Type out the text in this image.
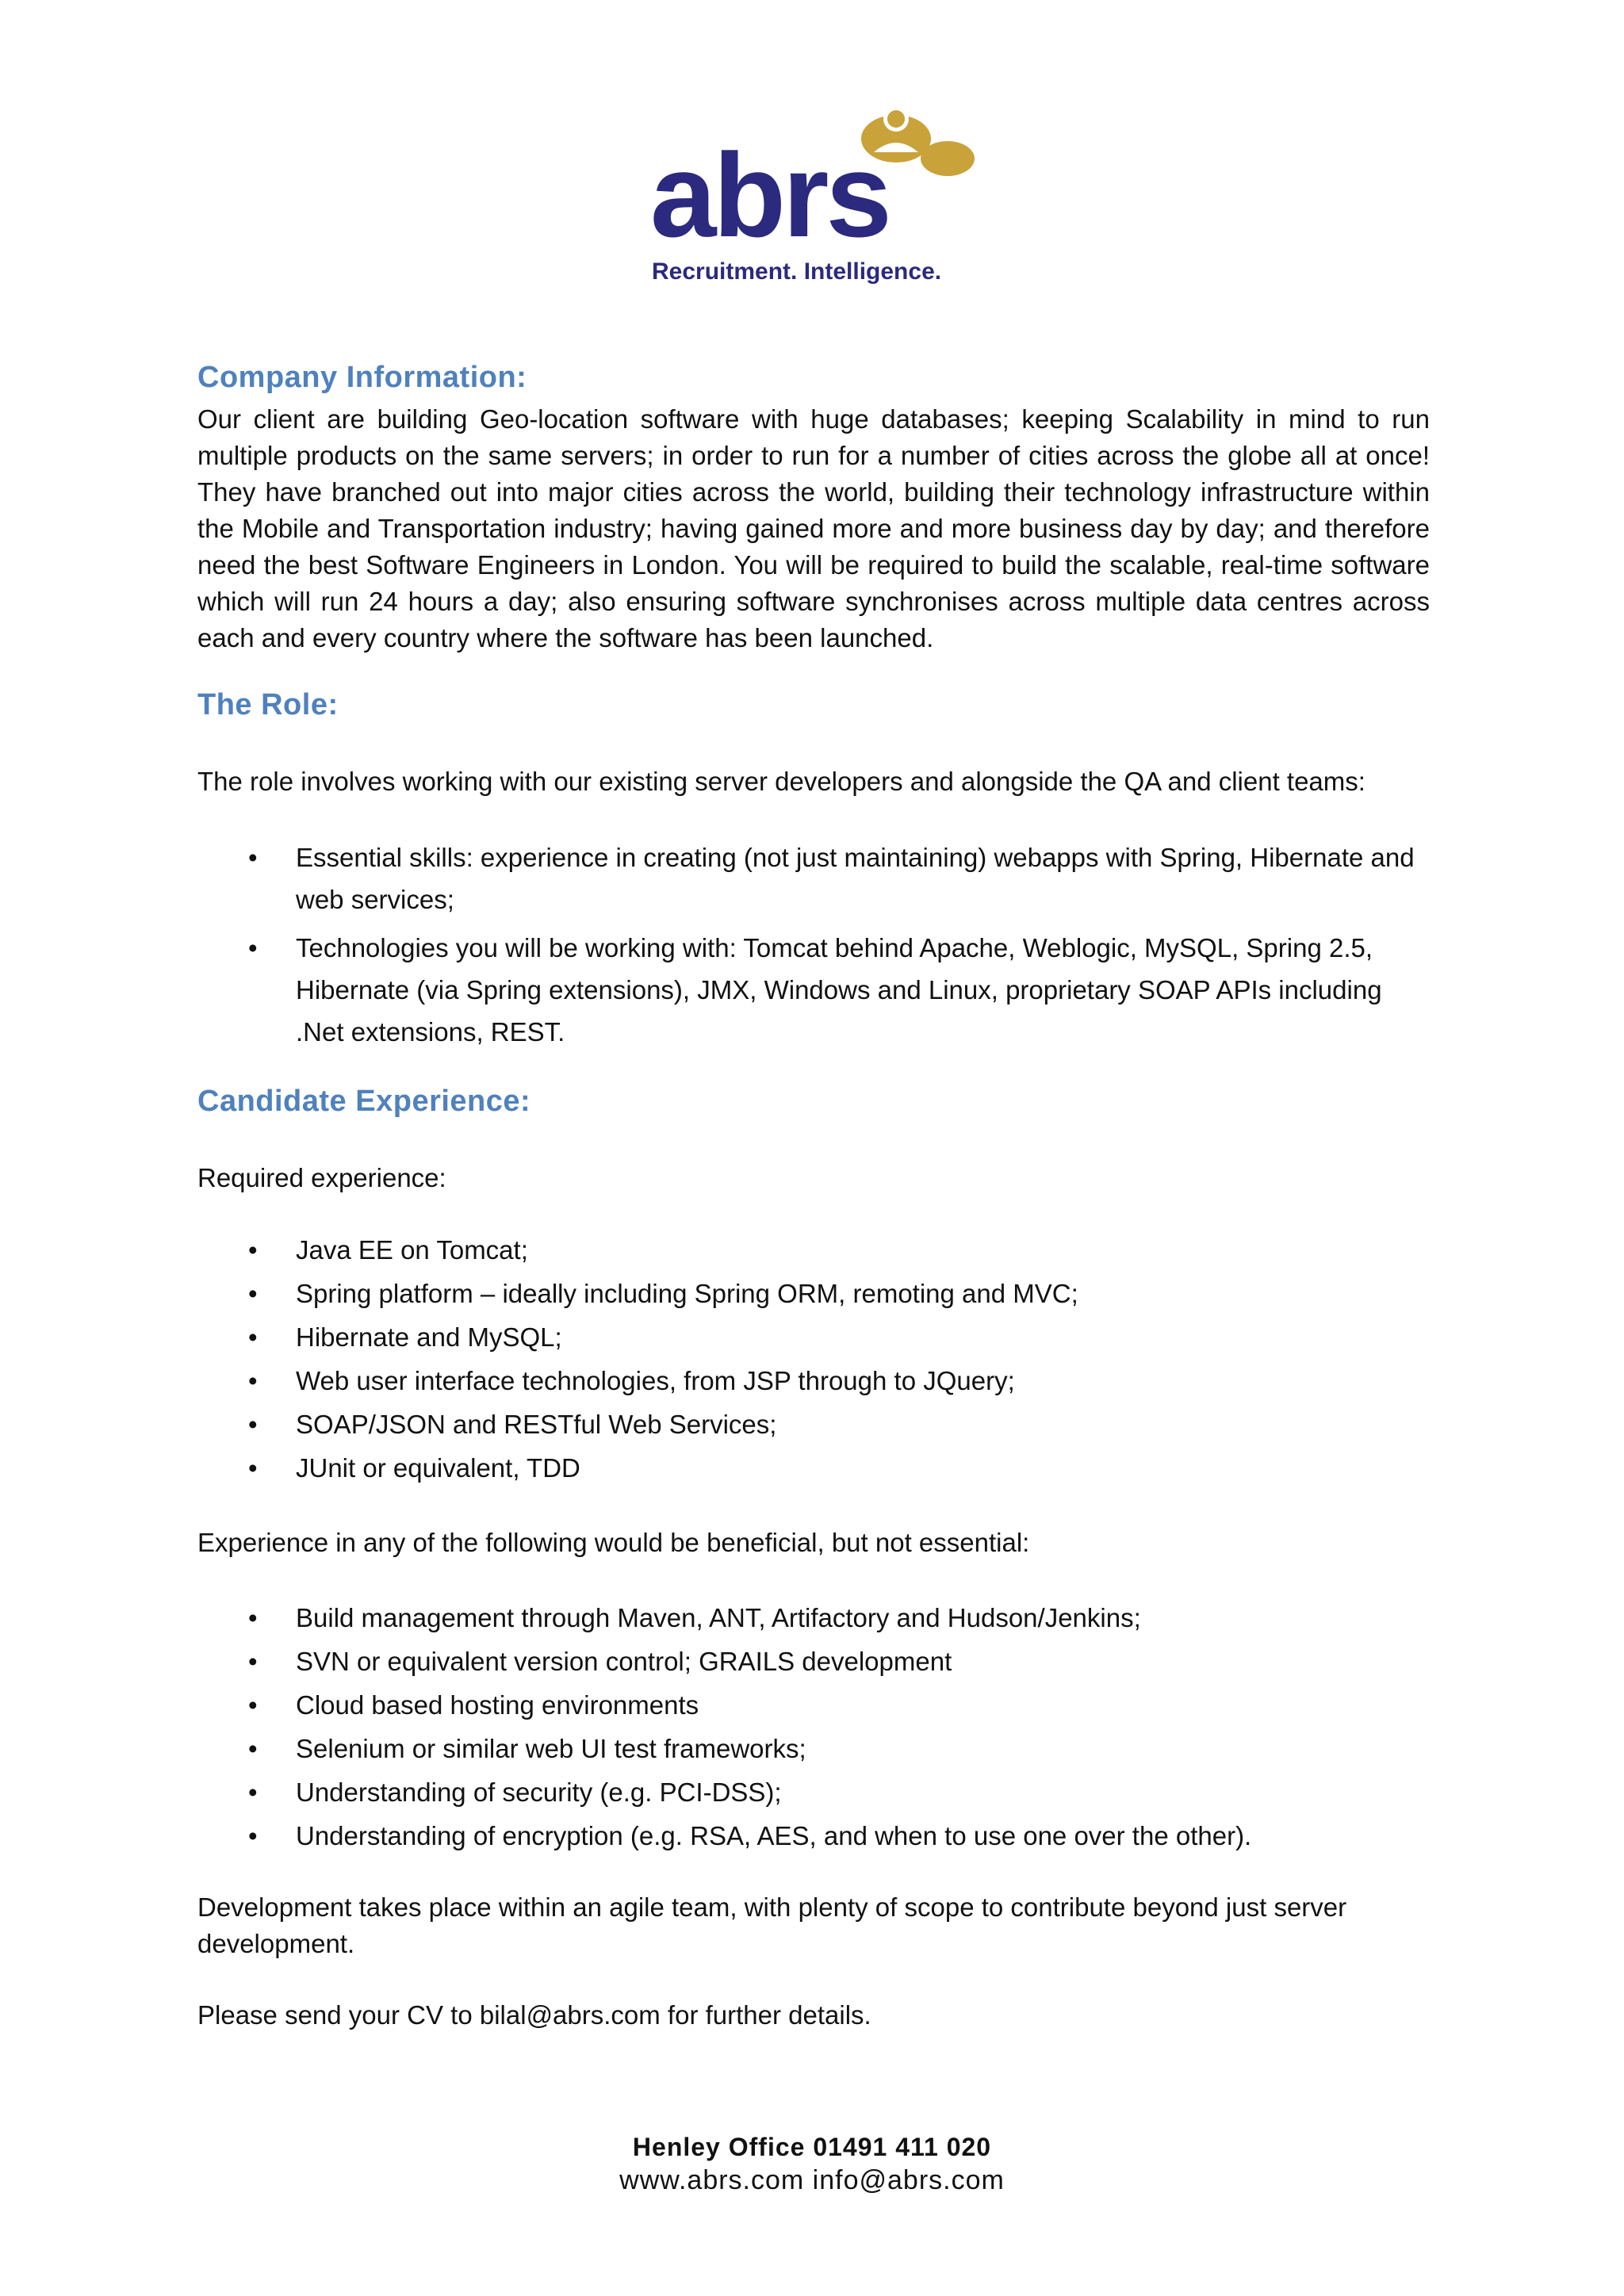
abrs
Recruitment. Intelligence.
Company Information:

Our client are building Geo-location software with huge databases; keeping Scalability in mind to run multiple products on the same servers; in order to run for a number of cities across the globe all at once! They have branched out into major cities across the world, building their technology infrastructure within the Mobile and Transportation industry; having gained more and more business day by day; and therefore need the best Software Engineers in London. You will be required to build the scalable, real-time software which will run 24 hours a day; also ensuring software synchronises across multiple data centres across each and every country where the software has been launched.

The Role:

The role involves working with our existing server developers and alongside the QA and client teams:

• Essential skills: experience in creating (not just maintaining) webapps with Spring, Hibernate and web services;
• Technologies you will be working with: Tomcat behind Apache, Weblogic, MySQL, Spring 2.5, Hibernate (via Spring extensions), JMX, Windows and Linux, proprietary SOAP APIs including .Net extensions, REST.
Candidate Experience:

Required experience:

• Java EE on Tomcat;
• Spring platform – ideally including Spring ORM, remoting and MVC;
• Hibernate and MySQL;
• Web user interface technologies, from JSP through to JQuery;
• SOAP/JSON and RESTful Web Services;
• JUnit or equivalent, TDD

Experience in any of the following would be beneficial, but not essential:

• Build management through Maven, ANT, Artifactory and Hudson/Jenkins;
• SVN or equivalent version control; GRAILS development
• Cloud based hosting environments
• Selenium or similar web UI test frameworks;
• Understanding of security (e.g. PCI-DSS);
• Understanding of encryption (e.g. RSA, AES, and when to use one over the other).

Development takes place within an agile team, with plenty of scope to contribute beyond just server development.

Please send your CV to bilal@abrs.com for further details.

Henley Office 01491 411 020
www.abrs.com info@abrs.com
